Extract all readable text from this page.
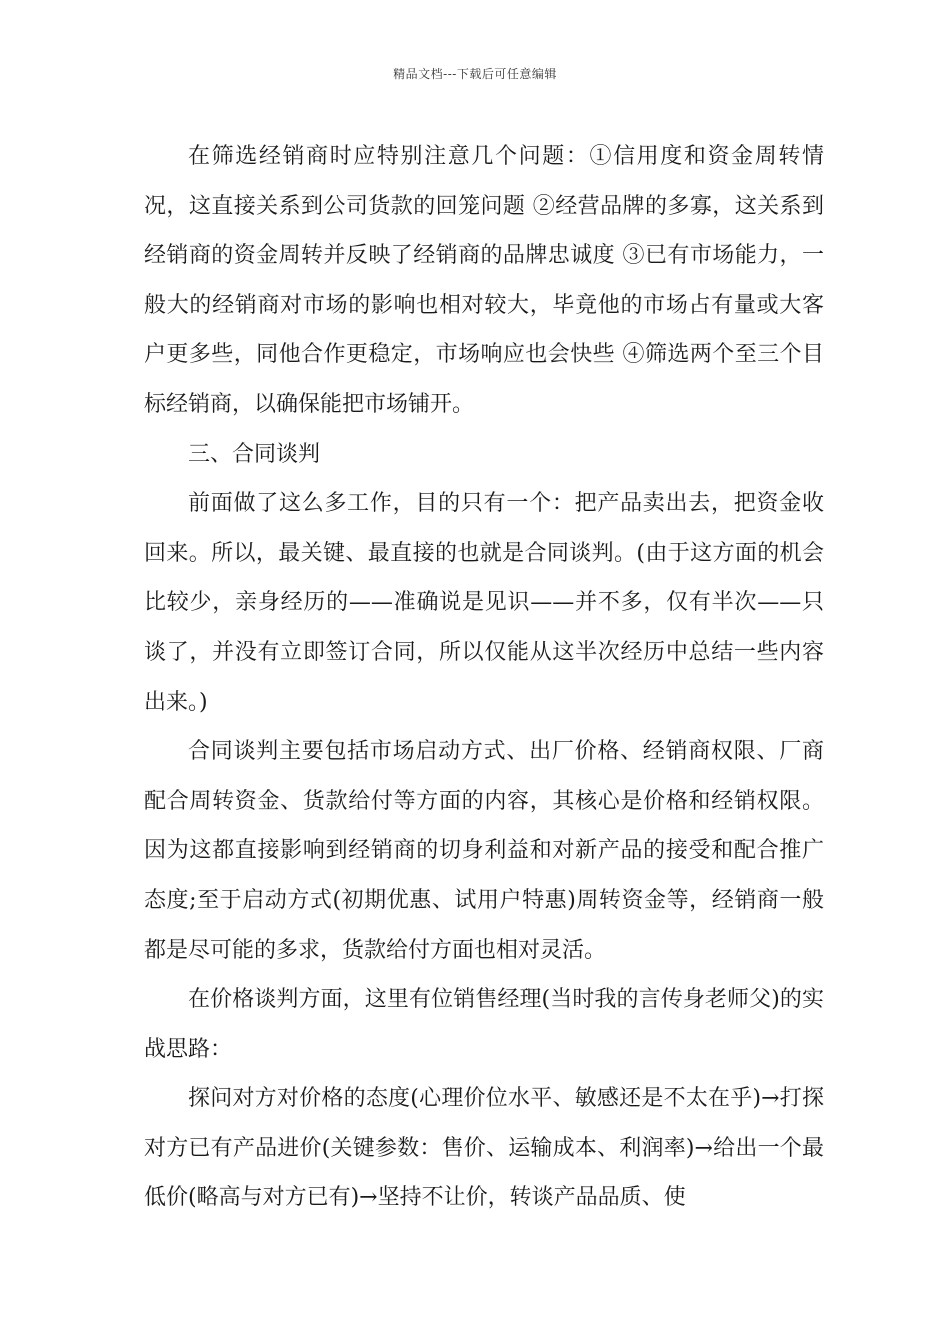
精品文档---下载后可任意编辑

在筛选经销商时应特别注意几个问题：①信用度和资金周转情况，这直接关系到公司货款的回笼问题 ②经营品牌的多寡，这关系到经销商的资金周转并反映了经销商的品牌忠诚度 ③已有市场能力，一般大的经销商对市场的影响也相对较大，毕竟他的市场占有量或大客户更多些，同他合作更稳定，市场响应也会快些 ④筛选两个至三个目标经销商，以确保能把市场铺开。

三、合同谈判

前面做了这么多工作，目的只有一个：把产品卖出去，把资金收回来。所以，最关键、最直接的也就是合同谈判。(由于这方面的机会比较少，亲身经历的——准确说是见识——并不多，仅有半次——只谈了，并没有立即签订合同，所以仅能从这半次经历中总结一些内容出来。)

合同谈判主要包括市场启动方式、出厂价格、经销商权限、厂商配合周转资金、货款给付等方面的内容，其核心是价格和经销权限。因为这都直接影响到经销商的切身利益和对新产品的接受和配合推广态度;至于启动方式(初期优惠、试用户特惠)周转资金等，经销商一般都是尽可能的多求，货款给付方面也相对灵活。

在价格谈判方面，这里有位销售经理(当时我的言传身老师父)的实战思路：

探问对方对价格的态度(心理价位水平、敏感还是不太在乎)→打探对方已有产品进价(关键参数：售价、运输成本、利润率)→给出一个最低价(略高与对方已有)→坚持不让价，转谈产品品质、使
